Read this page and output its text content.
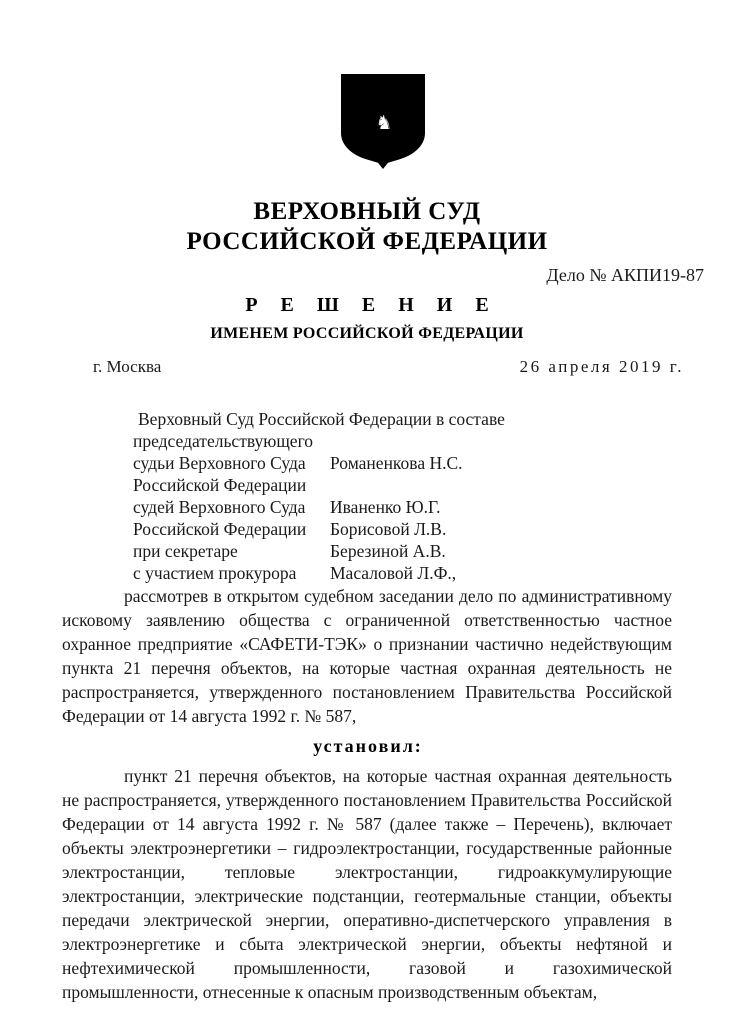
♞
ВЕРХОВНЫЙ СУД
РОССИЙСКОЙ ФЕДЕРАЦИИ
Дело № АКПИ19-87
Р Е Ш Е Н И Е
ИМЕНЕМ РОССИЙСКОЙ ФЕДЕРАЦИИ
г. Москва	26 апреля 2019 г.
Верховный Суд Российской Федерации в составе
председательствующего
судьи Верховного Суда	Романенкова Н.С.
Российской Федерации
судей Верховного Суда	Иваненко Ю.Г.
Российской Федерации	Борисовой Л.В.
при секретаре	Березиной А.В.
с участием прокурора	Масаловой Л.Ф.,

рассмотрев в открытом судебном заседании дело по административному исковому заявлению общества с ограниченной ответственностью частное охранное предприятие «САФЕТИ-ТЭК» о признании частично недействующим пункта 21 перечня объектов, на которые частная охранная деятельность не распространяется, утвержденного постановлением Правительства Российской Федерации от 14 августа 1992 г. № 587,

установил:

пункт 21 перечня объектов, на которые частная охранная деятельность не распространяется, утвержденного постановлением Правительства Российской Федерации от 14 августа 1992 г. № 587 (далее также – Перечень), включает объекты электроэнергетики – гидроэлектростанции, государственные районные электростанции, тепловые электростанции, гидроаккумулирующие электростанции, электрические подстанции, геотермальные станции, объекты передачи электрической энергии, оперативно-диспетчерского управления в электроэнергетике и сбыта электрической энергии, объекты нефтяной и нефтехимической промышленности, газовой и газохимической промышленности, отнесенные к опасным производственным объектам,
